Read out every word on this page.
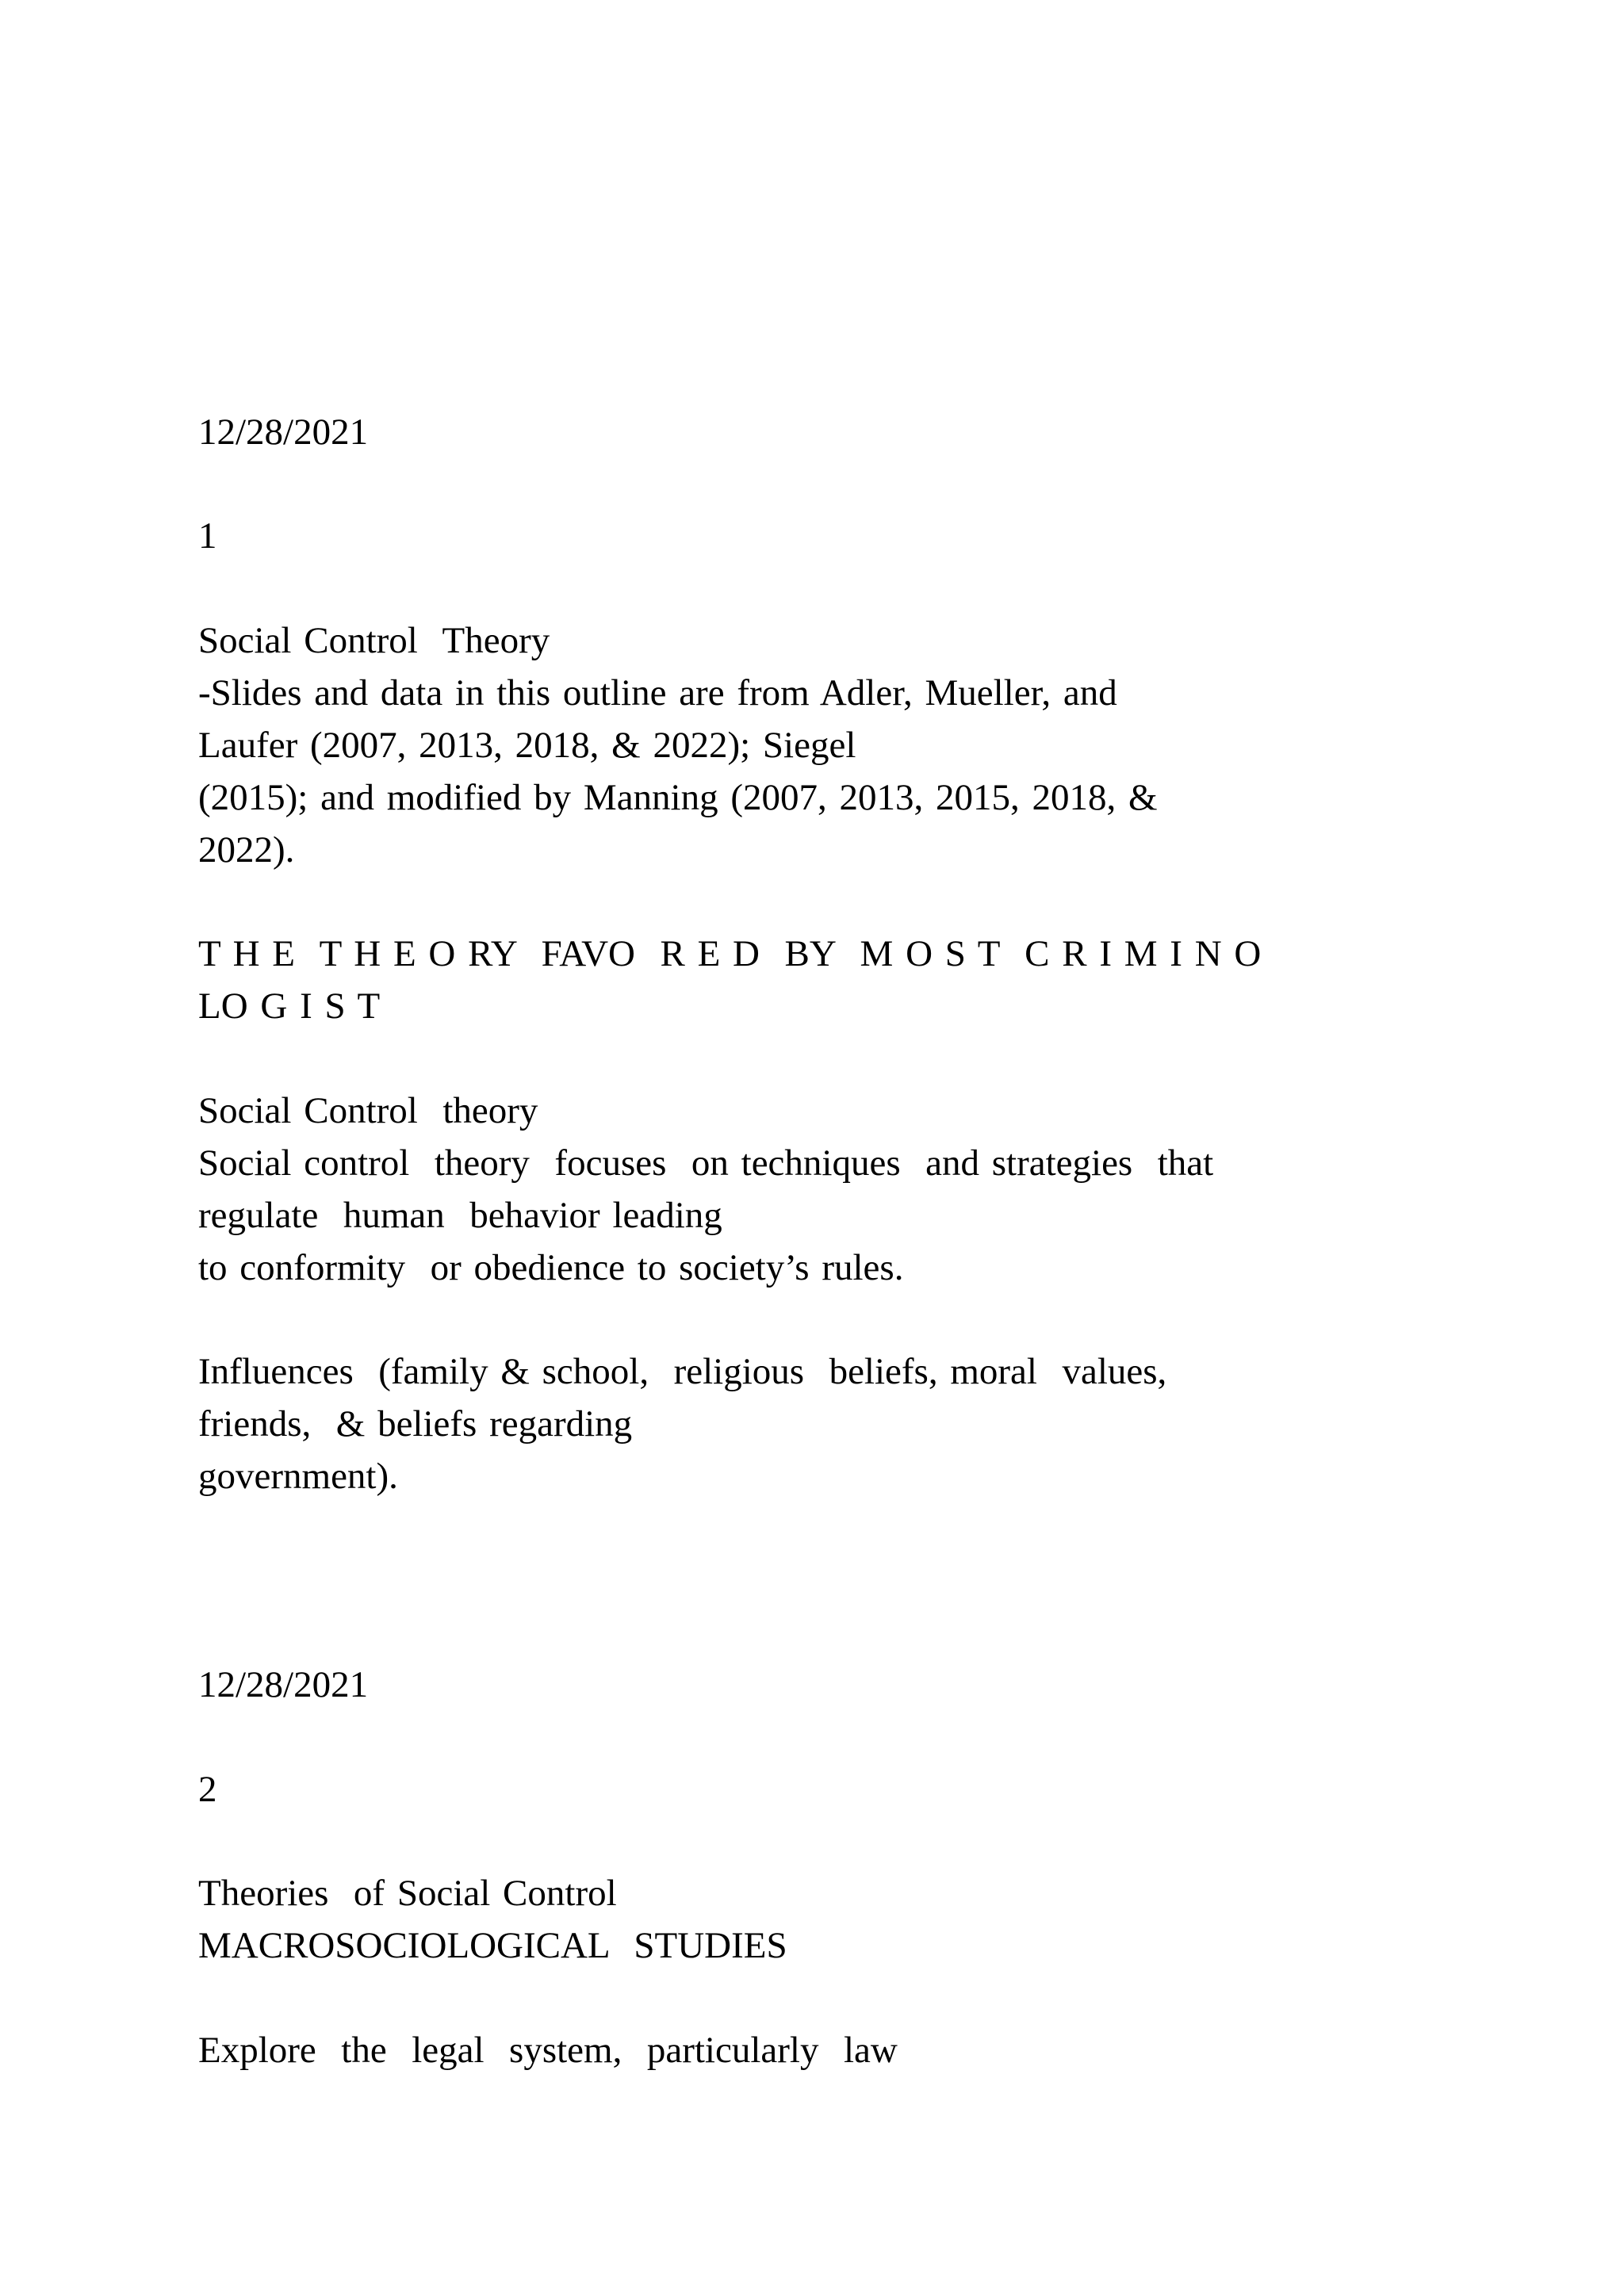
12/28/2021

1

Social Control  Theory

-Slides and data in this outline are from Adler, Mueller, and

Laufer (2007, 2013, 2018, & 2022); Siegel

(2015); and modified by Manning (2007, 2013, 2015, 2018, &

2022).

T H E  T H E O RY  FAVO  R E D  BY  M O S T  C R I M I N O

LO G I S T

Social Control  theory

Social control  theory  focuses  on techniques  and strategies  that

regulate  human  behavior leading

to conformity  or obedience to society’s rules.

Influences  (family & school,  religious  beliefs, moral  values,

friends,  & beliefs regarding

government).

12/28/2021

2

Theories  of Social Control

MACROSOCIOLOGICAL  STUDIES

Explore  the  legal  system,  particularly  law
